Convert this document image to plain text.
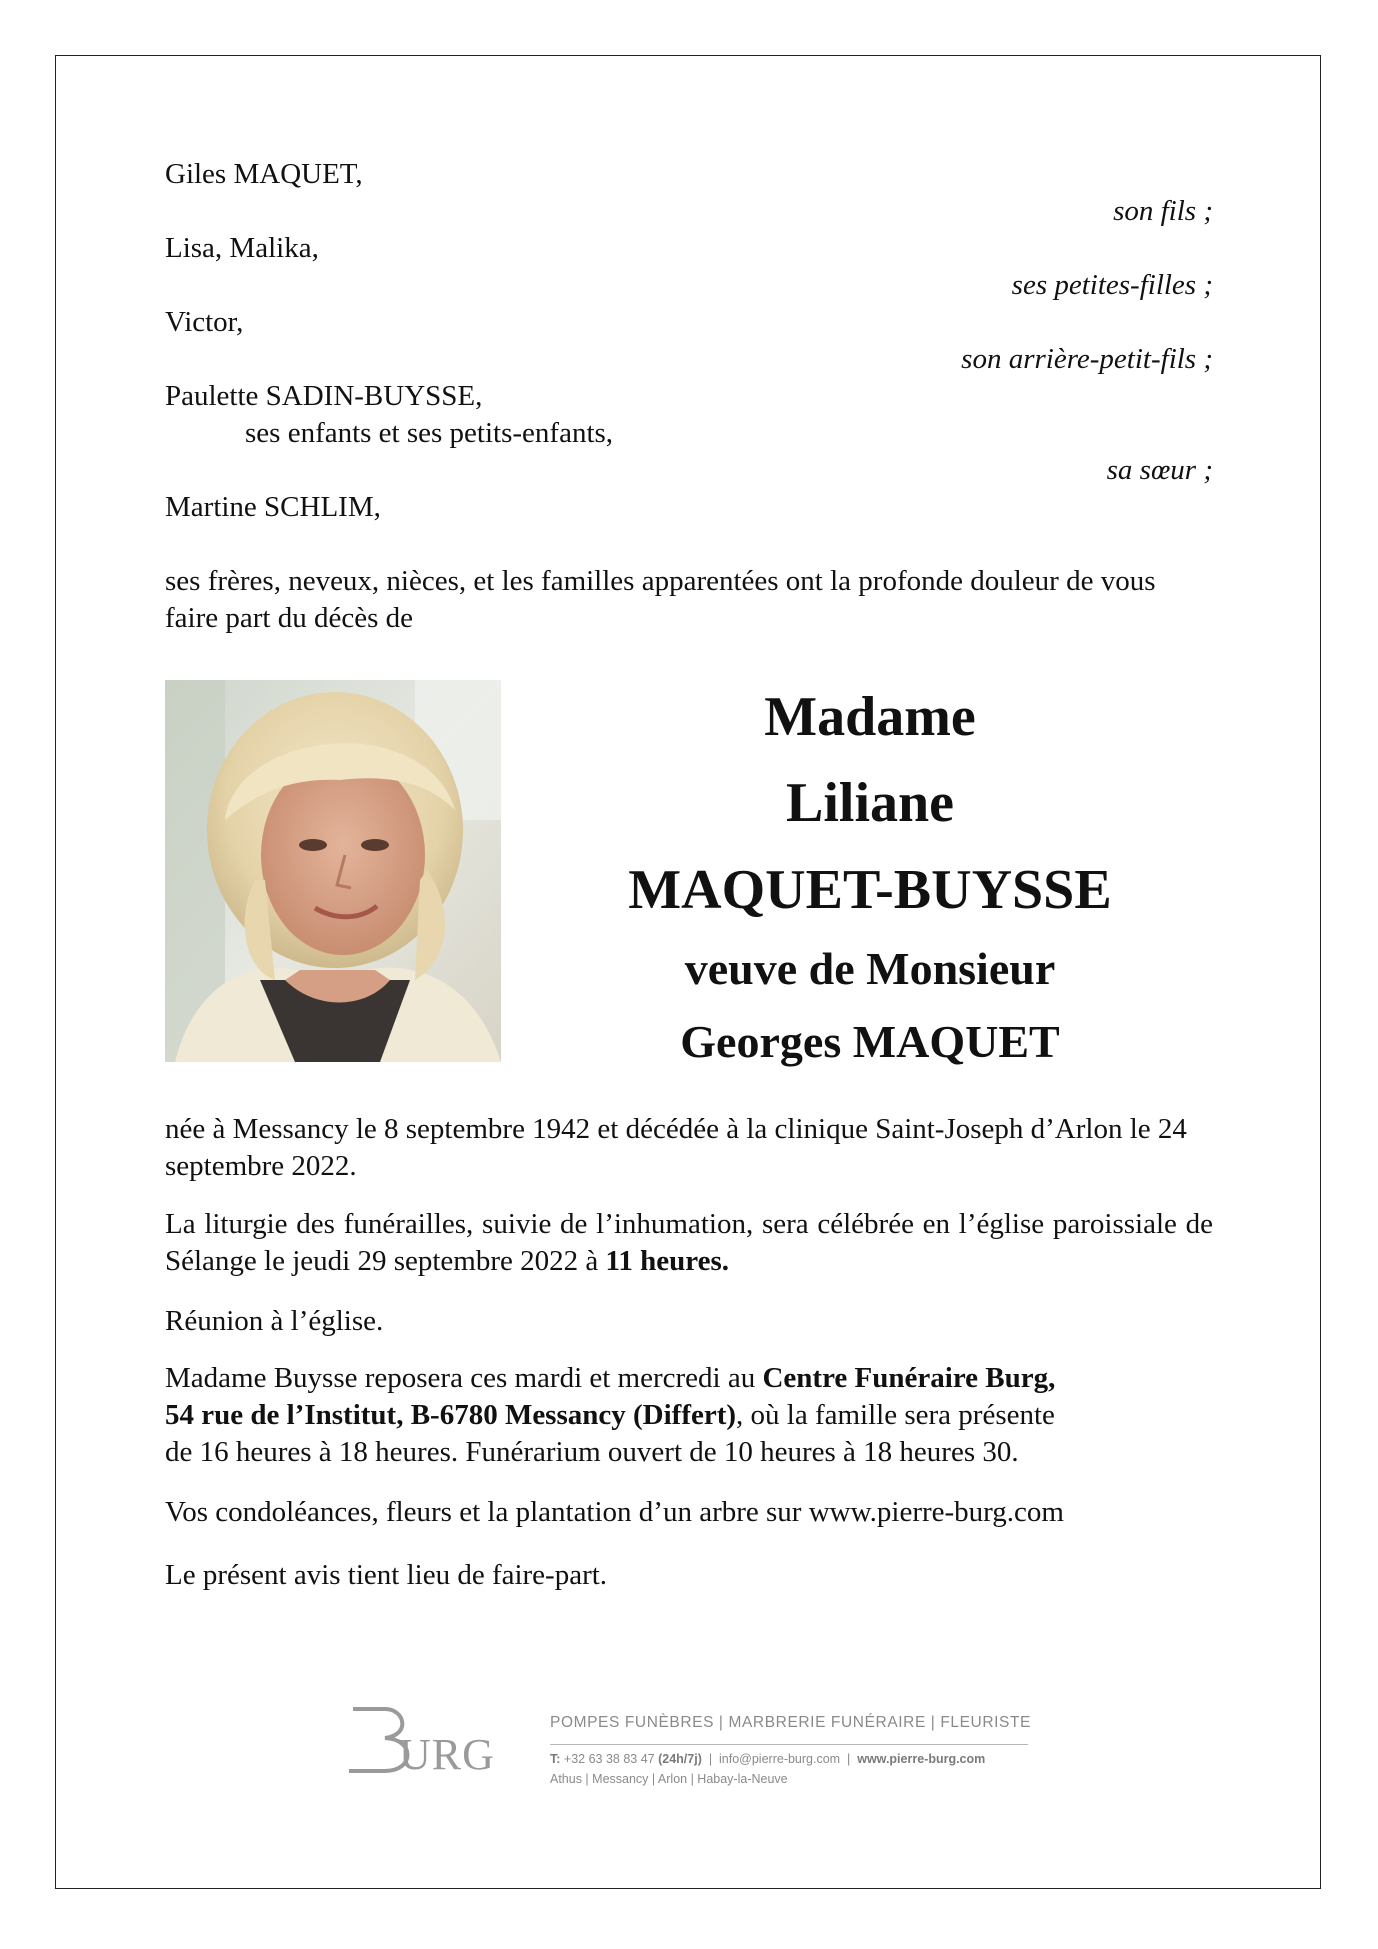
Giles MAQUET,
son fils ;
Lisa, Malika,
ses petites-filles ;
Victor,
son arrière-petit-fils ;
Paulette SADIN-BUYSSE,
ses enfants et ses petits-enfants,
sa sœur ;
Martine SCHLIM,
ses frères, neveux, nièces, et les familles apparentées ont la profonde douleur de vous faire part du décès de
Madame
Liliane
MAQUET-BUYSSE
veuve de Monsieur
Georges MAQUET
née à Messancy le 8 septembre 1942 et décédée à la clinique Saint-Joseph d’Arlon le 24 septembre 2022.
La liturgie des funérailles, suivie de l’inhumation, sera célébrée en l’église paroissiale de Sélange le jeudi 29 septembre 2022 à 11 heures.
Réunion à l’église.
Madame Buysse reposera ces mardi et mercredi au Centre Funéraire Burg,
54 rue de l’Institut, B-6780 Messancy (Differt), où la famille sera présente
de 16 heures à 18 heures. Funérarium ouvert de 10 heures à 18 heures 30.
Vos condoléances, fleurs et la plantation d’un arbre sur www.pierre-burg.com
Le présent avis tient lieu de faire-part.
URG
POMPES FUNÈBRES | MARBRERIE FUNÉRAIRE | FLEURISTE
T: +32 63 38 83 47 (24h/7j)  |  info@pierre-burg.com  |  www.pierre-burg.com
Athus | Messancy | Arlon | Habay-la-Neuve
